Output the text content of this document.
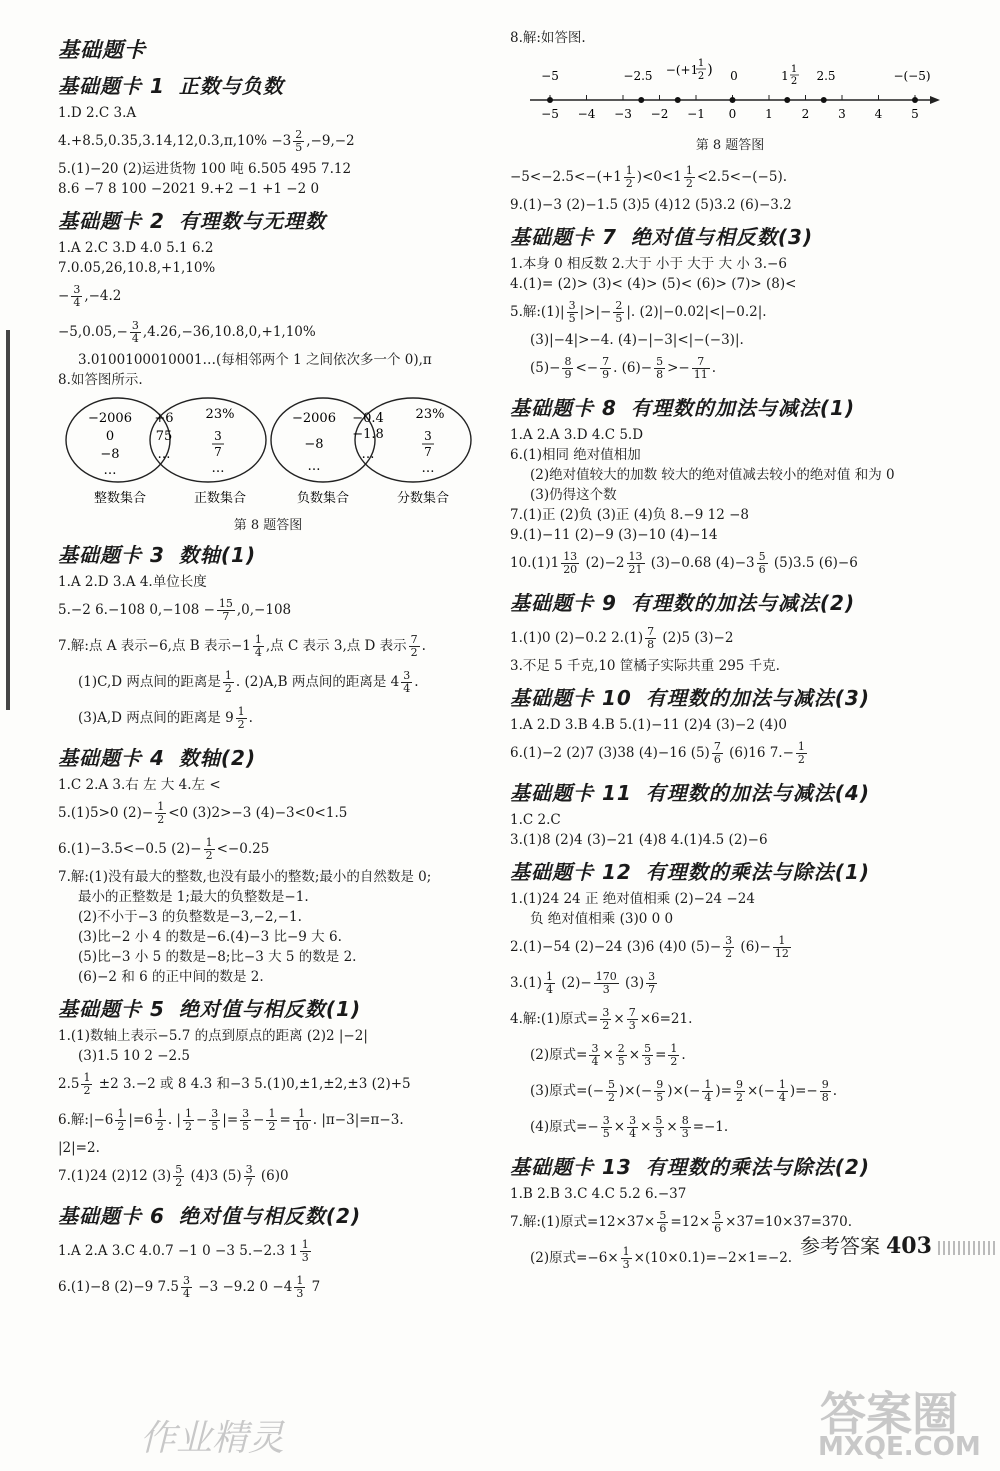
基础题卡
基础题卡 1 正数与负数
1.D 2.C 3.A
$4.+8.5,0.35,3.14,12,0.3,\pi,10\% -3 \frac{2}{5} ,-9,-2$
5.(1)−20 (2)运进货物 100 吨 6.505 495 7.12
8.6 −7 8 100 −2021 9.+2 −1 +1 −2 0
基础题卡 2 有理数与无理数
1.A 2.C 3.D 4.0 5.1 6.2
7.0.05,26,10.8,+1,10%
− $\frac{3}{4} ,-4.2$
$-5,0.05,- \frac{3}{4} ,4.26,-36,10.8,0,+1,10\%$
3.0100100010001…(每相邻两个 1 之间依次多一个 0),π
8.如答图所示.
−2006
0
−8
…
+6
75
…
23%
3
7
…
−2006
−8
…
−0.4
−1.8
…
23%
3
7
…
整数集合	正数集合	负数集合	分数集合
第 8 题答图
基础题卡 3 数轴(1)
1.A 2.D 3.A 4.单位长度
5.−2 6.−108 $0,-108 - \frac{15}{7} ,0,-108$
7.解:点 A 表示−6,点 B 表示$-1 \frac{1}{4}$ ,点 C 表示 3,点 D 表示 $\frac{7}{2}$ .
(1)C,D 两点间的距离是 $\frac{1}{2}$ . (2)A,B 两点间的距离是 $4 \frac{3}{4}$ .
(3)A,D 两点间的距离是 $9 \frac{1}{2}$ .
基础题卡 4 数轴(2)
1.C 2.A 3.右 左 大 4.左 <
5.(1)5>0 $(2)- \frac{1}{2} <0$ (3)2>−3 (4)−3<0<1.5
6.(1)−3.5<−0.5 $(2)- \frac{1}{2} <-0.25$
7.解:(1)没有最大的整数,也没有最小的整数;最小的自然数是 0;
最小的正整数是 1;最大的负整数是−1.
(2)不小于−3 的负整数是−3,−2,−1.
(3)比−2 小 4 的数是−6.(4)−3 比−9 大 6.
(5)比−3 小 5 的数是−8;比−3 大 5 的数是 2.
(6)−2 和 6 的正中间的数是 2.
基础题卡 5 绝对值与相反数(1)
1.(1)数轴上表示−5.7 的点到原点的距离 (2)2 |−2|
(3)1.5 10 2 −2.5
$2.5 \frac{1}{2} \pm 2$ 3.−2 或 8 4.3 和−3 5.(1)0,±1,±2,±3 (2)+5
6.解:|−6 $\frac{1}{2} |=6 \frac{1}{2}$ . | $\frac{1}{2} - \frac{3}{5}$ |= $\frac{3}{5} - \frac{1}{2} = \frac{1}{10}$ . |π−3|=π−3.
|2|=2.
7.(1)24 (2)12 $(3) \frac{5}{2} (4)3$ $(5) \frac{3}{7} (6)0$
基础题卡 6 绝对值与相反数(2)
1.A 2.A 3.C 4.0.7 −1 0 −3 5.−2.3 $1 \frac{1}{3}$
6.(1)−8 (2)−9 $7.5 \frac{3}{4} -3 -9.2$ $0 -4 \frac{1}{3} 7$
8.解:如答图.
−5 −4 −3 −2 −1 0 1 2 3 4 5
−5	−2.5 −(+1 1
2 ) 0	1 1
2 2.5	−(−5)
第 8 题答图
$-5<-2.5<-(+1 \frac{1}{2} )<0<1 \frac{1}{2} <2.5<-(-5)$.
9.(1)−3 (2)−1.5 (3)5 (4)12 (5)3.2 (6)−3.2
基础题卡 7 绝对值与相反数(3)
1.本身 0 相反数 2.大于 小于 大于 大 小 3.−6
4.(1)= (2)> (3)< (4)> (5)< (6)> (7)> (8)<
5.解:(1)| $\frac{3}{5}$ |>|− $\frac{2}{5}$ |. (2)|−0.02|<|−0.2|.
(3)|−4|>−4. (4)−|−3|<|−(−3)|.
$(5)- \frac{8}{9} <- \frac{7}{9}$ . $(6)- \frac{5}{8} >- \frac{7}{11}$ .
基础题卡 8 有理数的加法与减法(1)
1.A 2.A 3.D 4.C 5.D
6.(1)相同 绝对值相加
(2)绝对值较大的加数 较大的绝对值减去较小的绝对值 和为 0
(3)仍得这个数
7.(1)正 (2)负 (3)正 (4)负 8.−9 12 −8
9.(1)−11 (2)−9 (3)−10 (4)−14
$10.(1)1 \frac{13}{20} (2)-2 \frac{13}{21} (3)-0.68$ $(4)-3 \frac{5}{6} (5)3.5$ (6)−6
基础题卡 9 有理数的加法与减法(2)
1.(1)0 (2)−0.2 $2.(1) \frac{7}{8} (2)5$ (3)−2
3.不足 5 千克,10 筐橘子实际共重 295 千克.
基础题卡 10 有理数的加法与减法(3)
1.A 2.D 3.B 4.B 5.(1)−11 (2)4 (3)−2 (4)0
6.(1)−2 (2)7 (3)38 (4)−16 $(5) \frac{7}{6} (6)16$ $7.- \frac{1}{2}$
基础题卡 11 有理数的加法与减法(4)
1.C 2.C
3.(1)8 (2)4 (3)−21 (4)8 4.(1)4.5 (2)−6
基础题卡 12 有理数的乘法与除法(1)
1.(1)24 24 正 绝对值相乘 (2)−24 −24
负 绝对值相乘 (3)0 0 0
2.(1)−54 (2)−24 (3)6 (4)0 $(5)- \frac{3}{2} (6)- \frac{1}{12}$
$3.(1) \frac{1}{4} (2)- \frac{170}{3} (3) \frac{3}{7}$
4.解:(1)原式= $\frac{3}{2} \times \frac{7}{3} \times 6=21$.
(2)原式= $\frac{3}{4} \times \frac{2}{5} \times \frac{5}{3} = \frac{1}{2}$ .
(3)原式=(− $\frac{5}{2}$ )×(− $\frac{9}{5}$ )×(− $\frac{1}{4}$ )= $\frac{9}{2}$ ×(− $\frac{1}{4}$ )=− $\frac{9}{8}$ .
(4)原式=− $\frac{3}{5} \times \frac{3}{4} \times \frac{5}{3} \times \frac{8}{3} =-1$.
基础题卡 13 有理数的乘法与除法(2)
1.B 2.B 3.C 4.C 5.2 6.−37
7.解:(1)原式$=12\times 37\times \frac{5}{6} =12\times \frac{5}{6} \times 37=10\times 37=370$.
(2)原式$=-6\times \frac{1}{3} \times(10\times 0.1)=-2\times 1=-2$. 参考答案 403
作业精灵	答案圈
MXQE.COM
